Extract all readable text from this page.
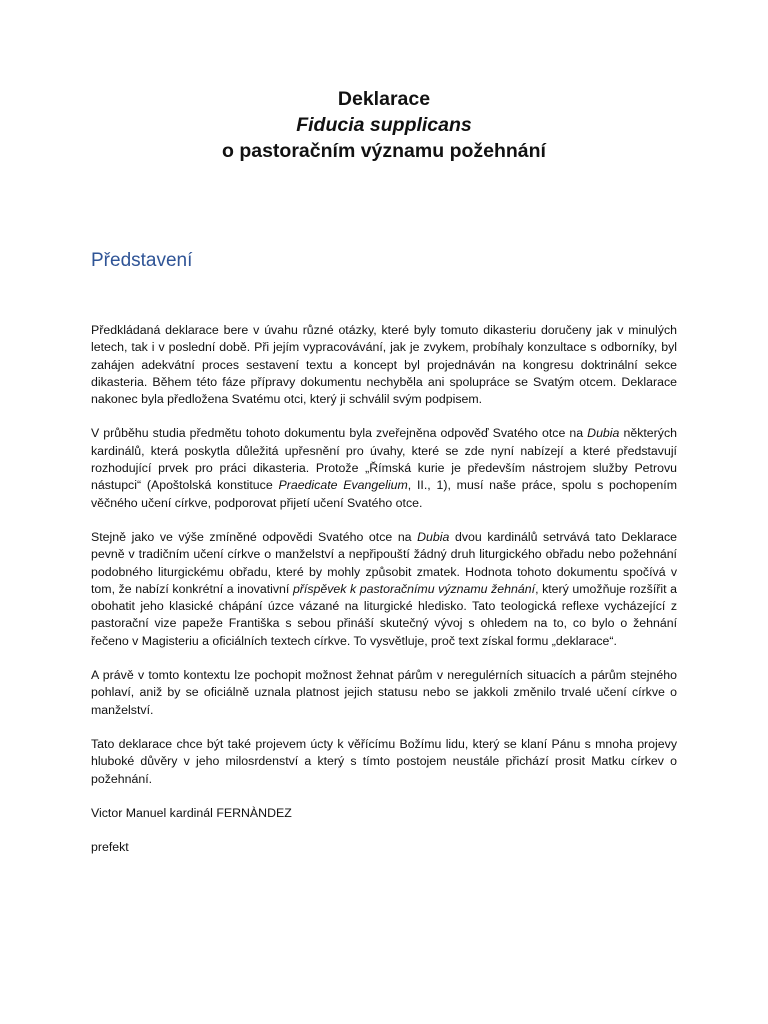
Deklarace
Fiducia supplicans
o pastoračním významu požehnání
Představení

Předkládaná deklarace bere v úvahu různé otázky, které byly tomuto dikasteriu doručeny jak v minulých letech, tak i v poslední době. Při jejím vypracovávání, jak je zvykem, probíhaly konzultace s odborníky, byl zahájen adekvátní proces sestavení textu a koncept byl projednáván na kongresu doktrinální sekce dikasteria. Během této fáze přípravy dokumentu nechyběla ani spolupráce se Svatým otcem. Deklarace nakonec byla předložena Svatému otci, který ji schválil svým podpisem.

V průběhu studia předmětu tohoto dokumentu byla zveřejněna odpověď Svatého otce na Dubia některých kardinálů, která poskytla důležitá upřesnění pro úvahy, které se zde nyní nabízejí a které představují rozhodující prvek pro práci dikasteria. Protože „Římská kurie je především nástrojem služby Petrovu nástupci“ (Apoštolská konstituce Praedicate Evangelium, II., 1), musí naše práce, spolu s pochopením věčného učení církve, podporovat přijetí učení Svatého otce.

Stejně jako ve výše zmíněné odpovědi Svatého otce na Dubia dvou kardinálů setrvává tato Deklarace pevně v tradičním učení církve o manželství a nepřipouští žádný druh liturgického obřadu nebo požehnání podobného liturgickému obřadu, které by mohly způsobit zmatek. Hodnota tohoto dokumentu spočívá v tom, že nabízí konkrétní a inovativní příspěvek k pastoračnímu významu žehnání, který umožňuje rozšířit a obohatit jeho klasické chápání úzce vázané na liturgické hledisko. Tato teologická reflexe vycházející z pastorační vize papeže Františka s sebou přináší skutečný vývoj s ohledem na to, co bylo o žehnání řečeno v Magisteriu a oficiálních textech církve. To vysvětluje, proč text získal formu „deklarace“.

A právě v tomto kontextu lze pochopit možnost žehnat párům v neregulérních situacích a párům stejného pohlaví, aniž by se oficiálně uznala platnost jejich statusu nebo se jakkoli změnilo trvalé učení církve o manželství.

Tato deklarace chce být také projevem úcty k věřícímu Božímu lidu, který se klaní Pánu s mnoha projevy hluboké důvěry v jeho milosrdenství a který s tímto postojem neustále přichází prosit Matku církev o požehnání.

Victor Manuel kardinál FERNÀNDEZ

prefekt
